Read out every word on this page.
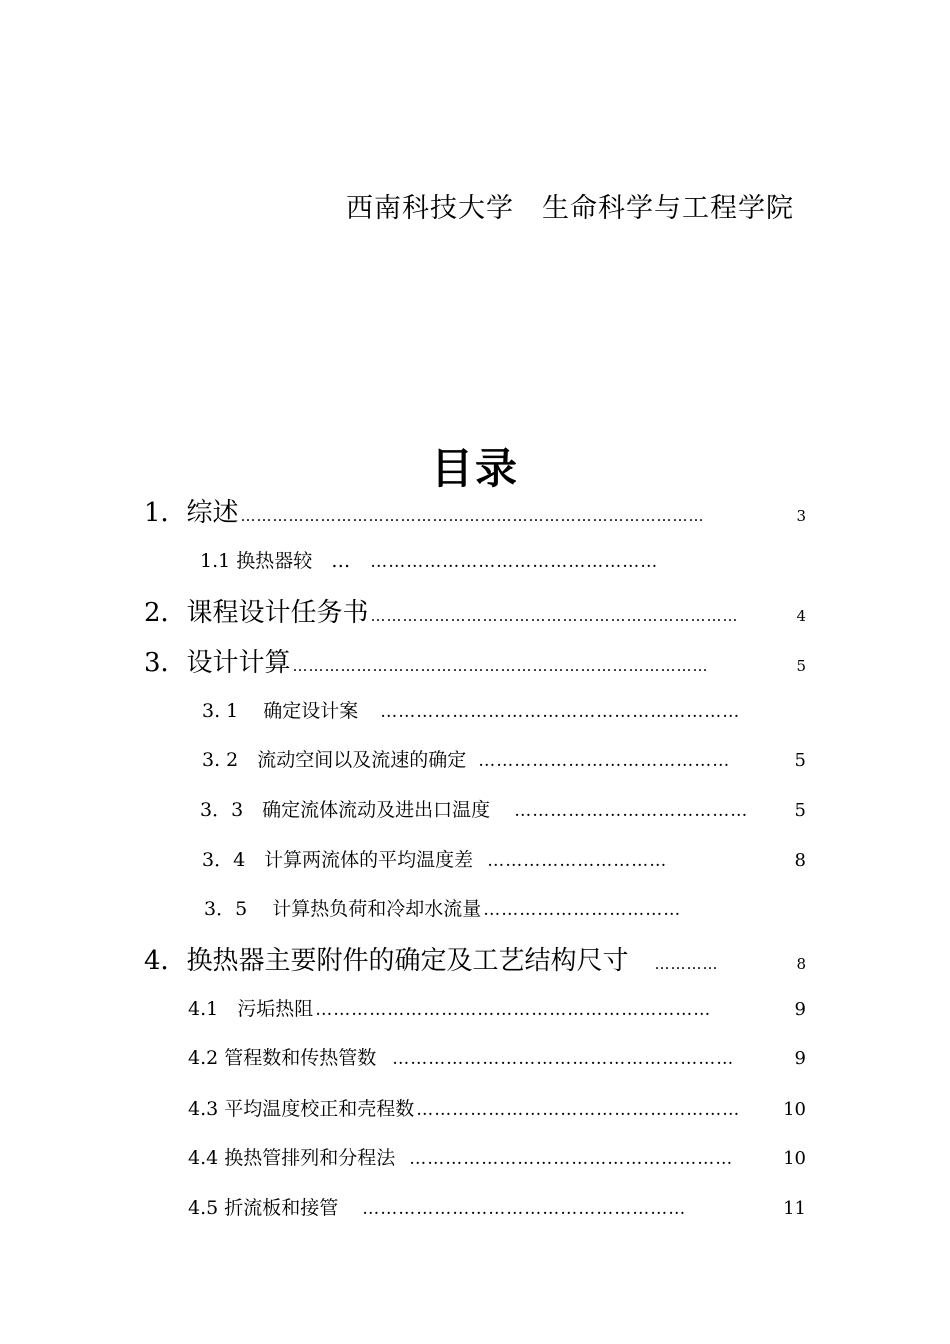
西南科技大学 生命科学与工程学院
目录
1．综述 ……………………………………………………………………………	3
1.1 换热器较　… …………………………………………
2．课程设计任务书 ……………………………………………………………	4
3．设计计算 ……………………………………………………………………	5
3. 1　 确定设计案 ……………………………………………………
3. 2　流动空间以及流速的确定 ……………………………………	5
3．3　确定流体流动及进出口温度 …………………………………	5
3．4　计算两流体的平均温度差 …………………………	8
3．5　 计算热负荷和冷却水流量 ……………………………
4．换热器主要附件的确定及工艺结构尺寸 …………	8
4.1　污垢热阻 …………………………………………………………	9
4.2 管程数和传热管数 …………………………………………………	9
4.3 平均温度校正和壳程数 ………………………………………………	10
4.4 换热管排列和分程法 ………………………………………………	10
4.5 折流板和接管 ………………………………………………	11
